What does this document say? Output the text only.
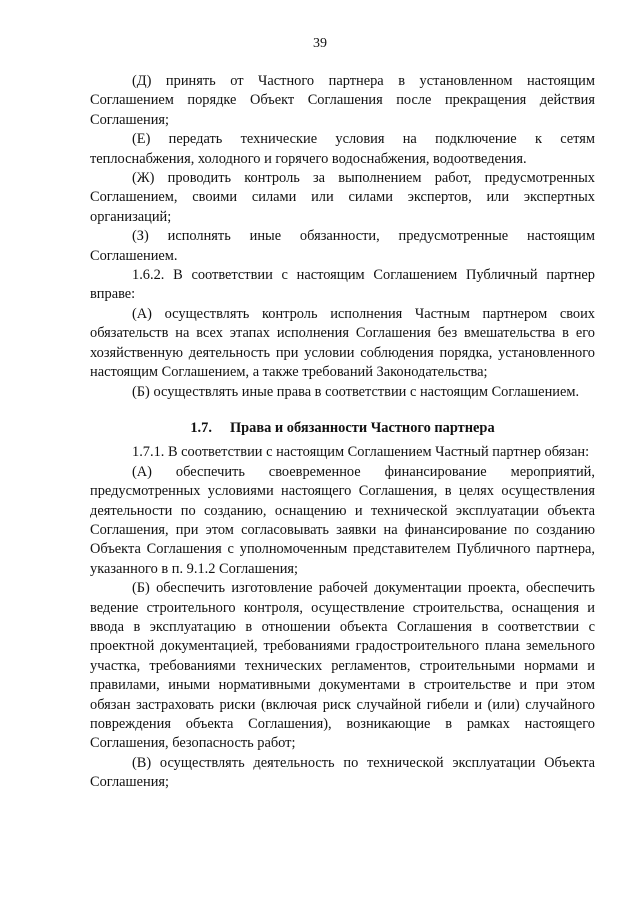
39

(Д) принять от Частного партнера в установленном настоящим Соглашением порядке Объект Соглашения после прекращения действия Соглашения;

(Е) передать технические условия на подключение к сетям теплоснабжения, холодного и горячего водоснабжения, водоотведения.

(Ж) проводить контроль за выполнением работ, предусмотренных Соглашением, своими силами или силами экспертов, или экспертных организаций;

(З) исполнять иные обязанности, предусмотренные настоящим Соглашением.

1.6.2. В соответствии с настоящим Соглашением Публичный партнер вправе:

(А) осуществлять контроль исполнения Частным партнером своих обязательств на всех этапах исполнения Соглашения без вмешательства в его хозяйственную деятельность при условии соблюдения порядка, установленного настоящим Соглашением, а также требований Законодательства;

(Б) осуществлять иные права в соответствии с настоящим Соглашением.

1.7. Права и обязанности Частного партнера

1.7.1. В соответствии с настоящим Соглашением Частный партнер обязан:

(А) обеспечить своевременное финансирование мероприятий, предусмотренных условиями настоящего Соглашения, в целях осуществления деятельности по созданию, оснащению и технической эксплуатации объекта Соглашения, при этом согласовывать заявки на финансирование по созданию Объекта Соглашения с уполномоченным представителем Публичного партнера, указанного в п. 9.1.2 Соглашения;

(Б) обеспечить изготовление рабочей документации проекта, обеспечить ведение строительного контроля, осуществление строительства, оснащения и ввода в эксплуатацию в отношении объекта Соглашения в соответствии с проектной документацией, требованиями градостроительного плана земельного участка, требованиями технических регламентов, строительными нормами и правилами, иными нормативными документами в строительстве и при этом обязан застраховать риски (включая риск случайной гибели и (или) случайного повреждения объекта Соглашения), возникающие в рамках настоящего Соглашения, безопасность работ;

(В) осуществлять деятельность по технической эксплуатации Объекта Соглашения;
